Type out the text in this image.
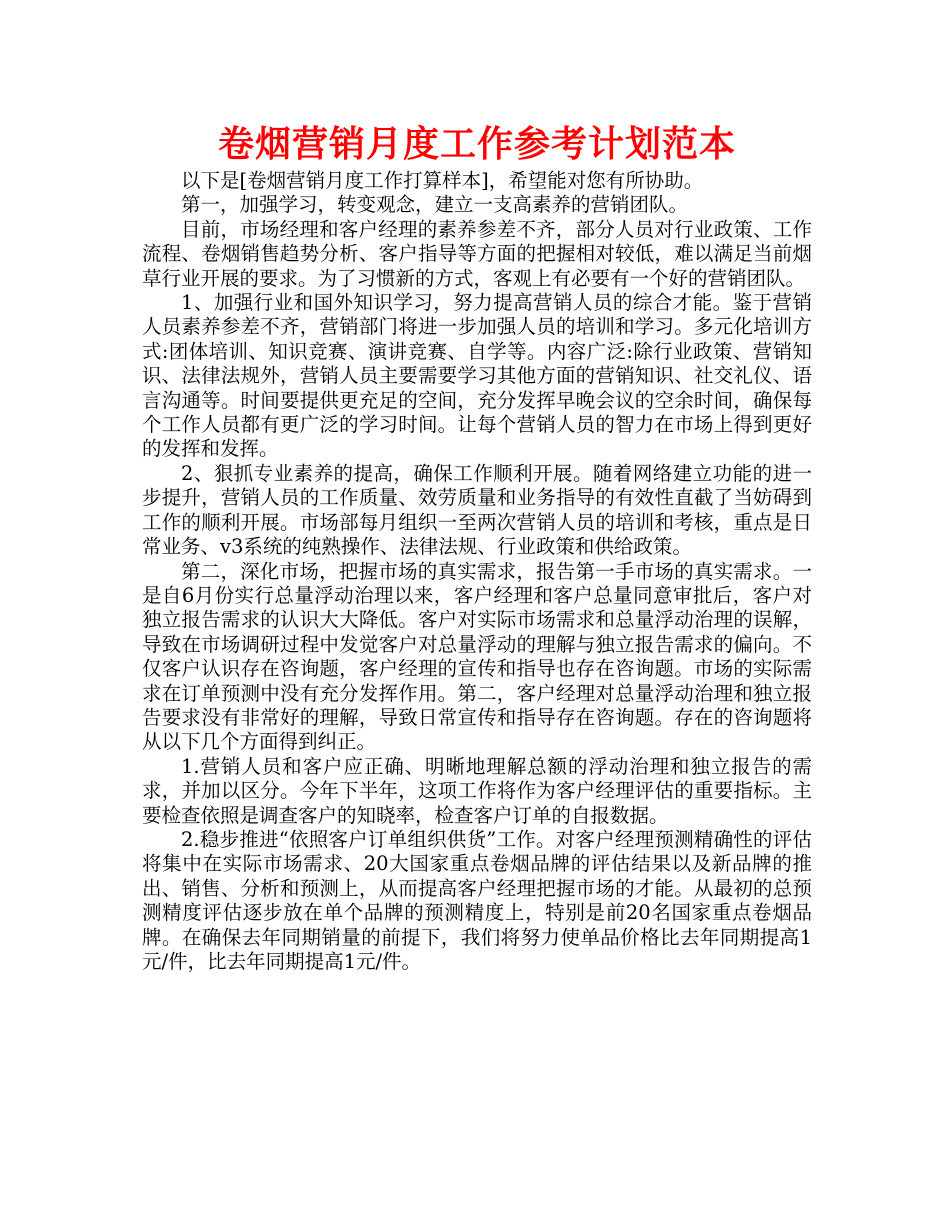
卷烟营销月度工作参考计划范本

以下是[卷烟营销月度工作打算样本]，希望能对您有所协助。

第一，加强学习，转变观念，建立一支高素养的营销团队。

目前，市场经理和客户经理的素养参差不齐，部分人员对行业政策、工作流程、卷烟销售趋势分析、客户指导等方面的把握相对较低，难以满足当前烟草行业开展的要求。为了习惯新的方式，客观上有必要有一个好的营销团队。

1、加强行业和国外知识学习，努力提高营销人员的综合才能。鉴于营销人员素养参差不齐，营销部门将进一步加强人员的培训和学习。多元化培训方式:团体培训、知识竞赛、演讲竞赛、自学等。内容广泛:除行业政策、营销知识、法律法规外，营销人员主要需要学习其他方面的营销知识、社交礼仪、语言沟通等。时间要提供更充足的空间，充分发挥早晚会议的空余时间，确保每个工作人员都有更广泛的学习时间。让每个营销人员的智力在市场上得到更好的发挥和发挥。

2、狠抓专业素养的提高，确保工作顺利开展。随着网络建立功能的进一步提升，营销人员的工作质量、效劳质量和业务指导的有效性直截了当妨碍到工作的顺利开展。市场部每月组织一至两次营销人员的培训和考核，重点是日常业务、v3系统的纯熟操作、法律法规、行业政策和供给政策。

第二，深化市场，把握市场的真实需求，报告第一手市场的真实需求。一是自6月份实行总量浮动治理以来，客户经理和客户总量同意审批后，客户对独立报告需求的认识大大降低。客户对实际市场需求和总量浮动治理的误解，导致在市场调研过程中发觉客户对总量浮动的理解与独立报告需求的偏向。不仅客户认识存在咨询题，客户经理的宣传和指导也存在咨询题。市场的实际需求在订单预测中没有充分发挥作用。第二，客户经理对总量浮动治理和独立报告要求没有非常好的理解，导致日常宣传和指导存在咨询题。存在的咨询题将从以下几个方面得到纠正。

1.营销人员和客户应正确、明晰地理解总额的浮动治理和独立报告的需求，并加以区分。今年下半年，这项工作将作为客户经理评估的重要指标。主要检查依照是调查客户的知晓率，检查客户订单的自报数据。

2.稳步推进“依照客户订单组织供货”工作。对客户经理预测精确性的评估将集中在实际市场需求、20大国家重点卷烟品牌的评估结果以及新品牌的推出、销售、分析和预测上，从而提高客户经理把握市场的才能。从最初的总预测精度评估逐步放在单个品牌的预测精度上，特别是前20名国家重点卷烟品牌。在确保去年同期销量的前提下，我们将努力使单品价格比去年同期提高1元/件，比去年同期提高1元/件。
